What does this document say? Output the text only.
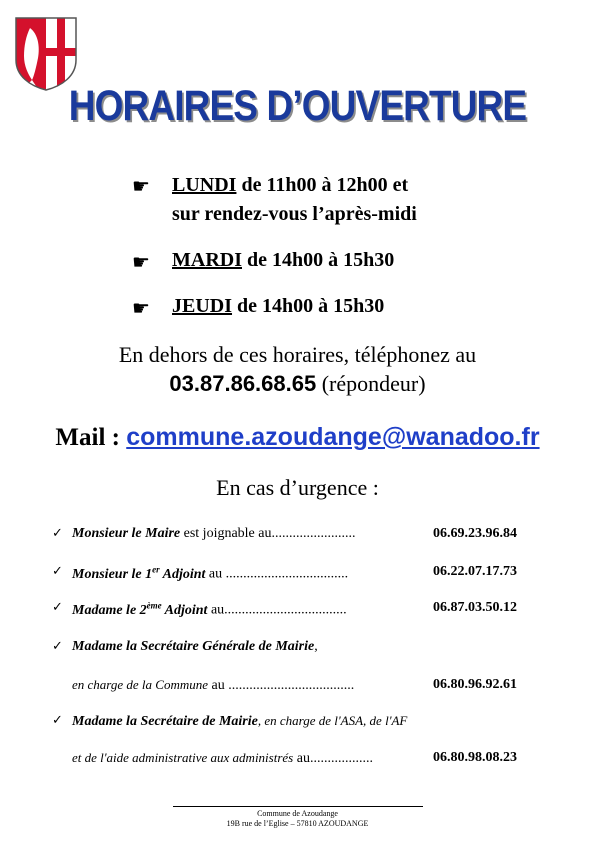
HORAIRES D’OUVERTURE
☛ LUNDI de 11h00 à 12h00 et
sur rendez-vous l’après-midi
☛ MARDI de 14h00 à 15h30
☛ JEUDI de 14h00 à 15h30
En dehors de ces horaires, téléphonez au
03.87.86.68.65 (répondeur)
Mail : commune.azoudange@wanadoo.fr
En cas d’urgence :
✓ Monsieur le Maire est joignable au........................	06.69.23.96.84
✓ Monsieur le 1er Adjoint au ...................................	06.22.07.17.73
✓ Madame le 2ème Adjoint au...................................	06.87.03.50.12
✓ Madame la Secrétaire Générale de Mairie,
en charge de la Commune au ....................................	06.80.96.92.61
✓ Madame la Secrétaire de Mairie, en charge de l'ASA, de l'AF
et de l'aide administrative aux administrés au..................	06.80.98.08.23
Commune de Azoudange
19B rue de l’Eglise – 57810 AZOUDANGE
